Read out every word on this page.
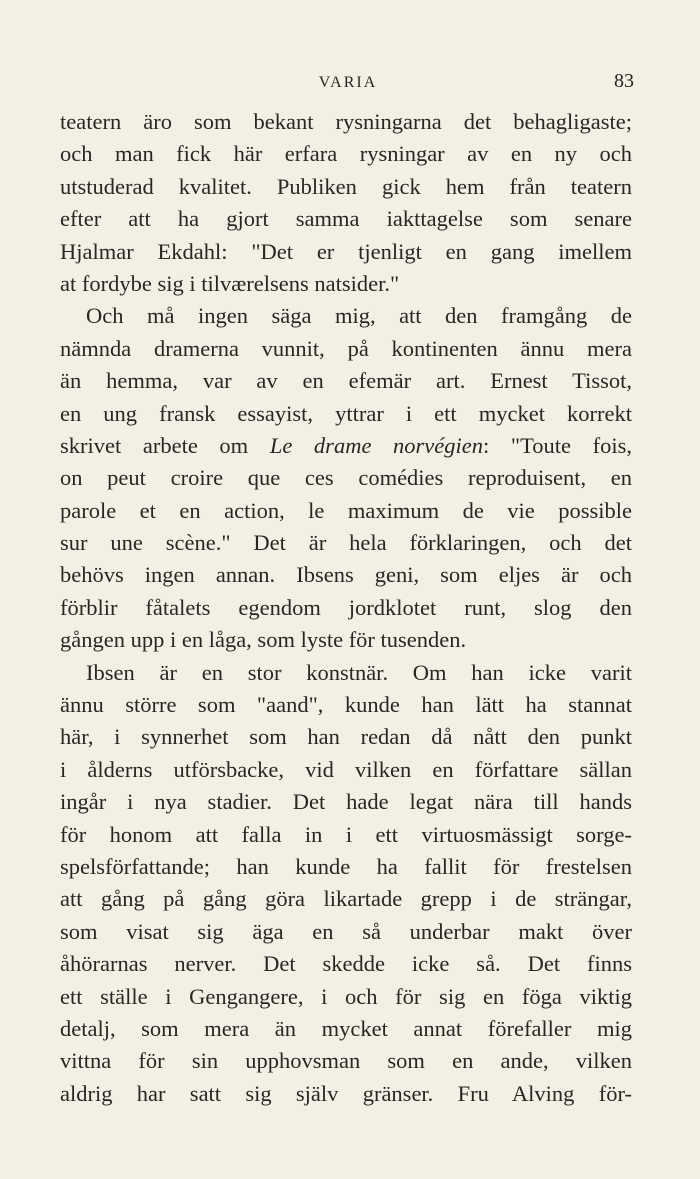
VARIA	83
teatern äro som bekant rysningarna det behagligaste;
och man fick här erfara rysningar av en ny och
utstuderad kvalitet. Publiken gick hem från teatern
efter att ha gjort samma iakttagelse som senare
Hjalmar Ekdahl: "Det er tjenligt en gang imellem
at fordybe sig i tilværelsens natsider."
Och må ingen säga mig, att den framgång de
nämnda dramerna vunnit, på kontinenten ännu mera
än hemma, var av en efemär art. Ernest Tissot,
en ung fransk essayist, yttrar i ett mycket korrekt
skrivet arbete om Le drame norvégien: "Toute fois,
on peut croire que ces comédies reproduisent, en
parole et en action, le maximum de vie possible
sur une scène." Det är hela förklaringen, och det
behövs ingen annan. Ibsens geni, som eljes är och
förblir fåtalets egendom jordklotet runt, slog den
gången upp i en låga, som lyste för tusenden.
Ibsen är en stor konstnär. Om han icke varit
ännu större som "aand", kunde han lätt ha stannat
här, i synnerhet som han redan då nått den punkt
i ålderns utförsbacke, vid vilken en författare sällan
ingår i nya stadier. Det hade legat nära till hands
för honom att falla in i ett virtuosmässigt sorge-
spelsförfattande; han kunde ha fallit för frestelsen
att gång på gång göra likartade grepp i de strängar,
som visat sig äga en så underbar makt över
åhörarnas nerver. Det skedde icke så. Det finns
ett ställe i Gengangere, i och för sig en föga viktig
detalj, som mera än mycket annat förefaller mig
vittna för sin upphovsman som en ande, vilken
aldrig har satt sig själv gränser. Fru Alving för-
